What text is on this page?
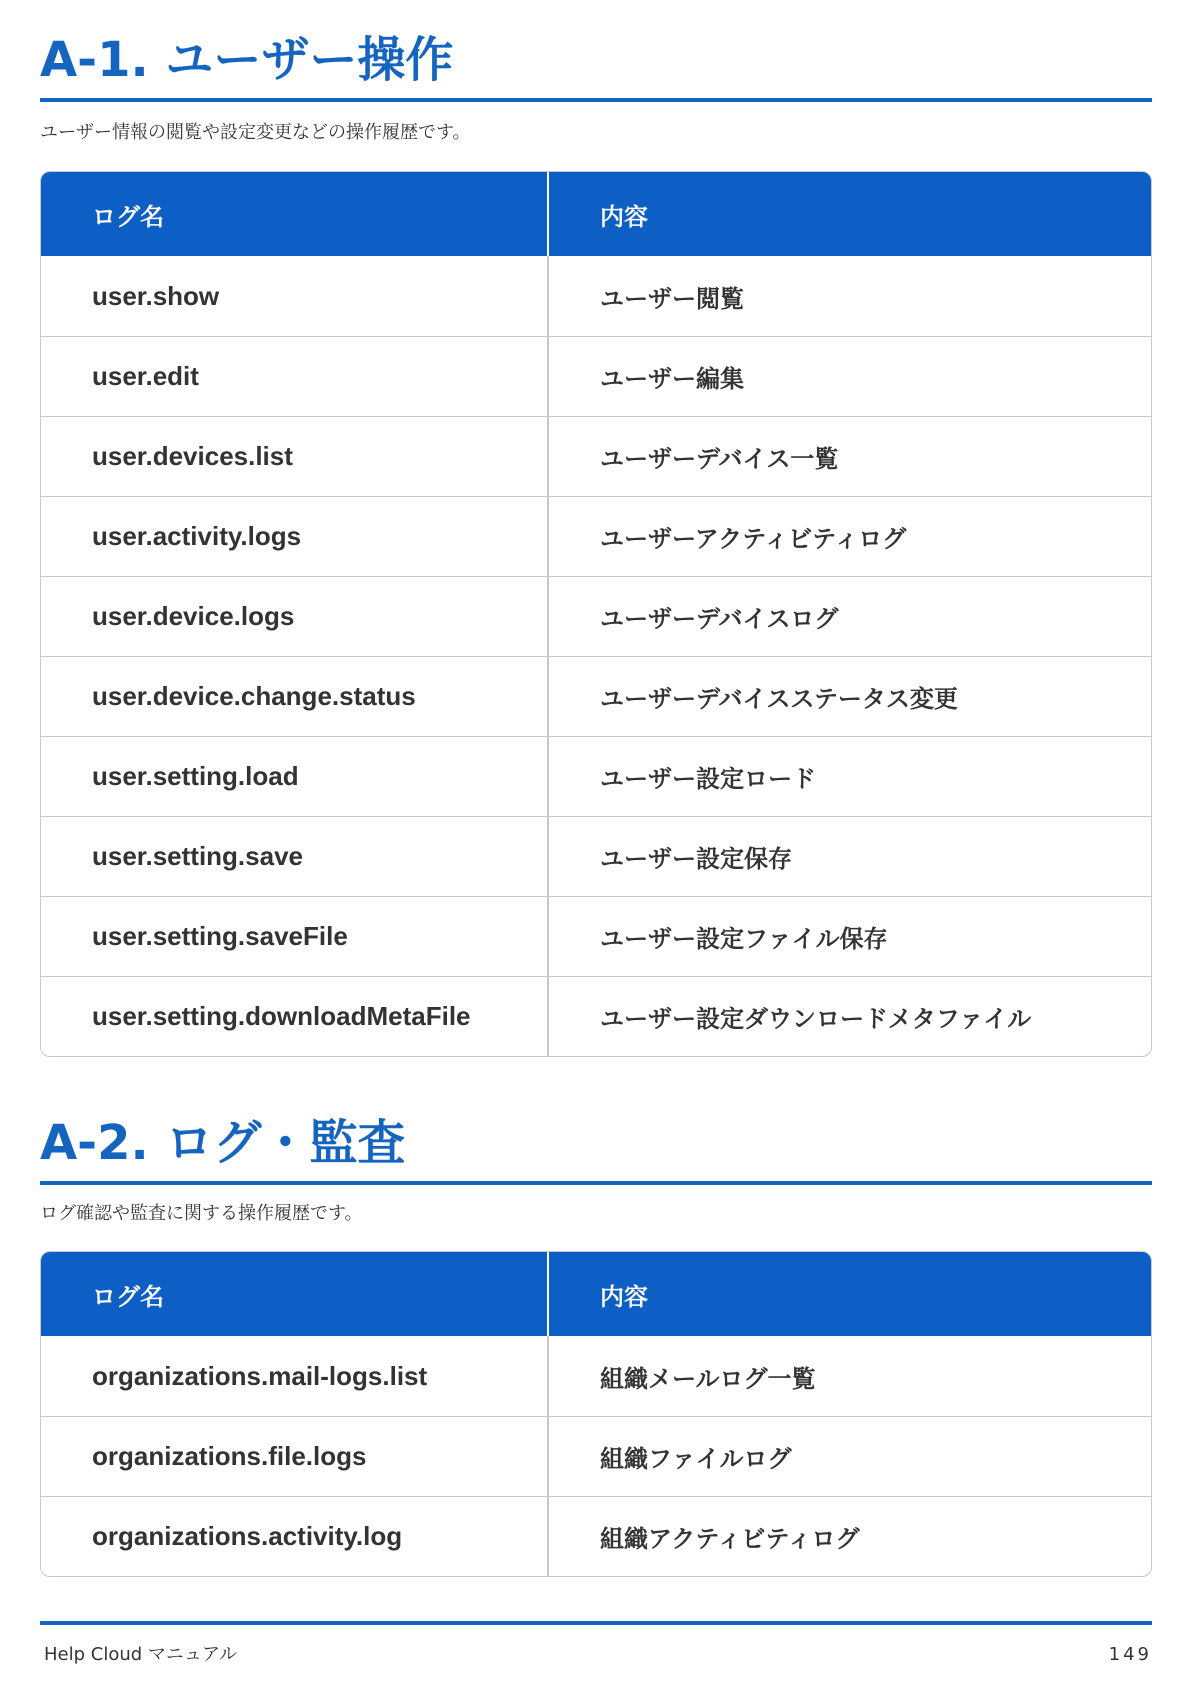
A-1. ユーザー操作

ユーザー情報の閲覧や設定変更などの操作履歴です。

ログ名	内容
user.show	ユーザー閲覧
user.edit	ユーザー編集
user.devices.list	ユーザーデバイス一覧
user.activity.logs	ユーザーアクティビティログ
user.device.logs	ユーザーデバイスログ
user.device.change.status	ユーザーデバイスステータス変更
user.setting.load	ユーザー設定ロード
user.setting.save	ユーザー設定保存
user.setting.saveFile	ユーザー設定ファイル保存
user.setting.downloadMetaFile	ユーザー設定ダウンロードメタファイル
A-2. ログ・監査

ログ確認や監査に関する操作履歴です。

ログ名	内容
organizations.mail-logs.list	組織メールログ一覧
organizations.file.logs	組織ファイルログ
organizations.activity.log	組織アクティビティログ
Help Cloud マニュアル	149
